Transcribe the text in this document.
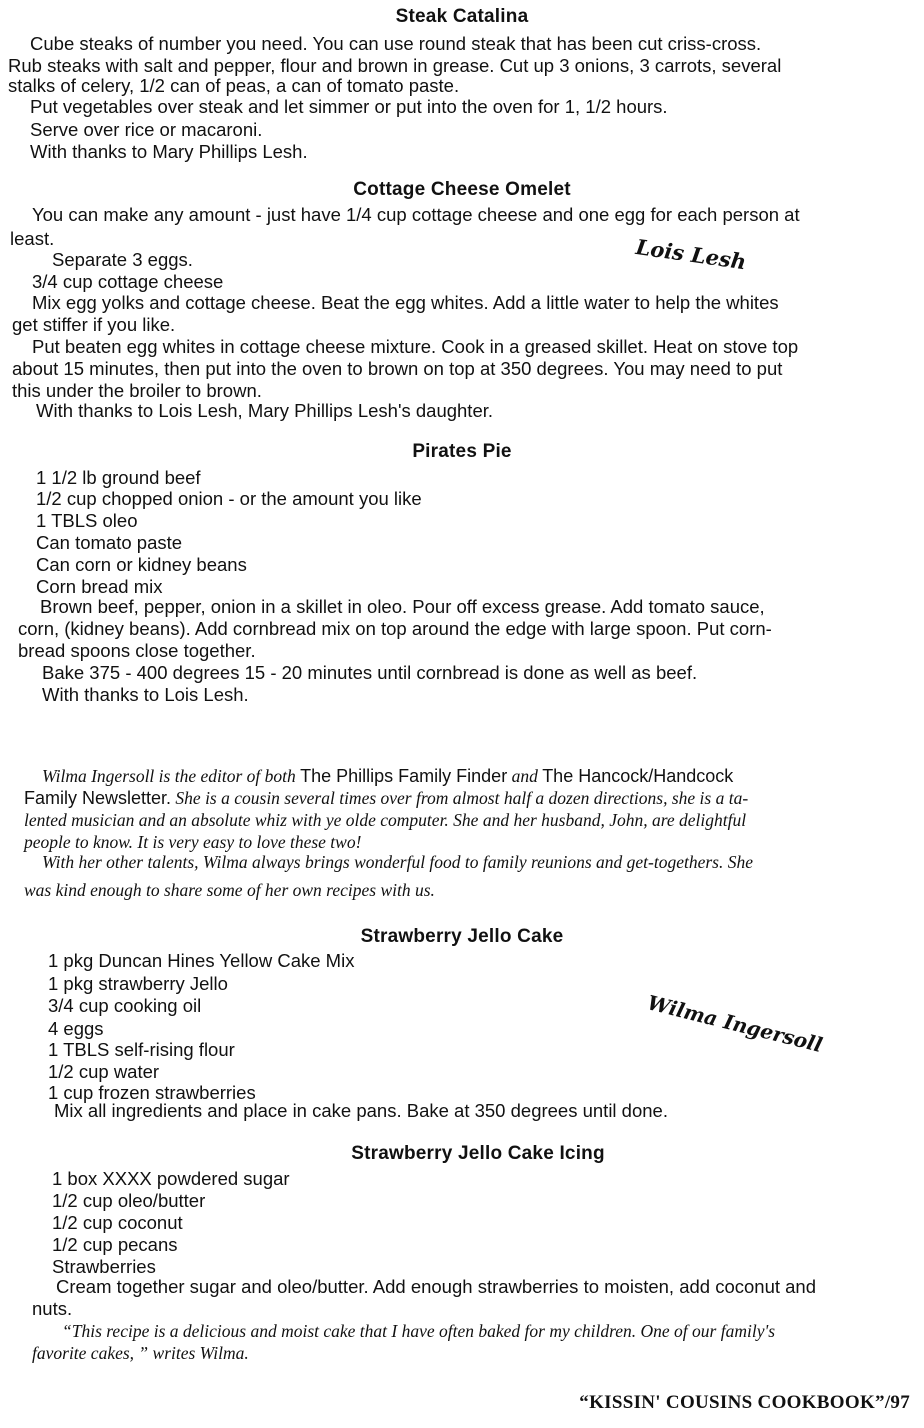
Steak Catalina
Cube steaks of number you need. You can use round steak that has been cut criss-cross.
Rub steaks with salt and pepper, flour and brown in grease. Cut up 3 onions, 3 carrots, several
stalks of celery, 1/2 can of peas, a can of tomato paste.
Put vegetables over steak and let simmer or put into the oven for 1, 1/2 hours.
Serve over rice or macaroni.
With thanks to Mary Phillips Lesh.
Cottage Cheese Omelet
You can make any amount - just have 1/4 cup cottage cheese and one egg for each person at
least.
Separate 3 eggs.
3/4 cup cottage cheese
Mix egg yolks and cottage cheese. Beat the egg whites. Add a little water to help the whites
get stiffer if you like.
Put beaten egg whites in cottage cheese mixture. Cook in a greased skillet. Heat on stove top
about 15 minutes, then put into the oven to brown on top at 350 degrees. You may need to put
this under the broiler to brown.
With thanks to Lois Lesh, Mary Phillips Lesh's daughter.
Lois Lesh
Pirates Pie
1 1/2 lb ground beef
1/2 cup chopped onion - or the amount you like
1 TBLS oleo
Can tomato paste
Can corn or kidney beans
Corn bread mix
Brown beef, pepper, onion in a skillet in oleo. Pour off excess grease. Add tomato sauce,
corn, (kidney beans). Add cornbread mix on top around the edge with large spoon. Put corn-
bread spoons close together.
Bake 375 - 400 degrees 15 - 20 minutes until cornbread is done as well as beef.
With thanks to Lois Lesh.
Wilma Ingersoll is the editor of both The Phillips Family Finder and The Hancock/Handcock
Family Newsletter. She is a cousin several times over from almost half a dozen directions, she is a ta-
lented musician and an absolute whiz with ye olde computer. She and her husband, John, are delightful
people to know. It is very easy to love these two!
With her other talents, Wilma always brings wonderful food to family reunions and get-togethers. She
was kind enough to share some of her own recipes with us.
Strawberry Jello Cake
1 pkg Duncan Hines Yellow Cake Mix
1 pkg strawberry Jello
3/4 cup cooking oil
4 eggs
1 TBLS self-rising flour
1/2 cup water
1 cup frozen strawberries
Mix all ingredients and place in cake pans. Bake at 350 degrees until done.
Wilma Ingersoll
Strawberry Jello Cake Icing
1 box XXXX powdered sugar
1/2 cup oleo/butter
1/2 cup coconut
1/2 cup pecans
Strawberries
Cream together sugar and oleo/butter. Add enough strawberries to moisten, add coconut and
nuts.
“This recipe is a delicious and moist cake that I have often baked for my children. One of our family's
favorite cakes, ” writes Wilma.
“KISSIN' COUSINS COOKBOOK”/97
